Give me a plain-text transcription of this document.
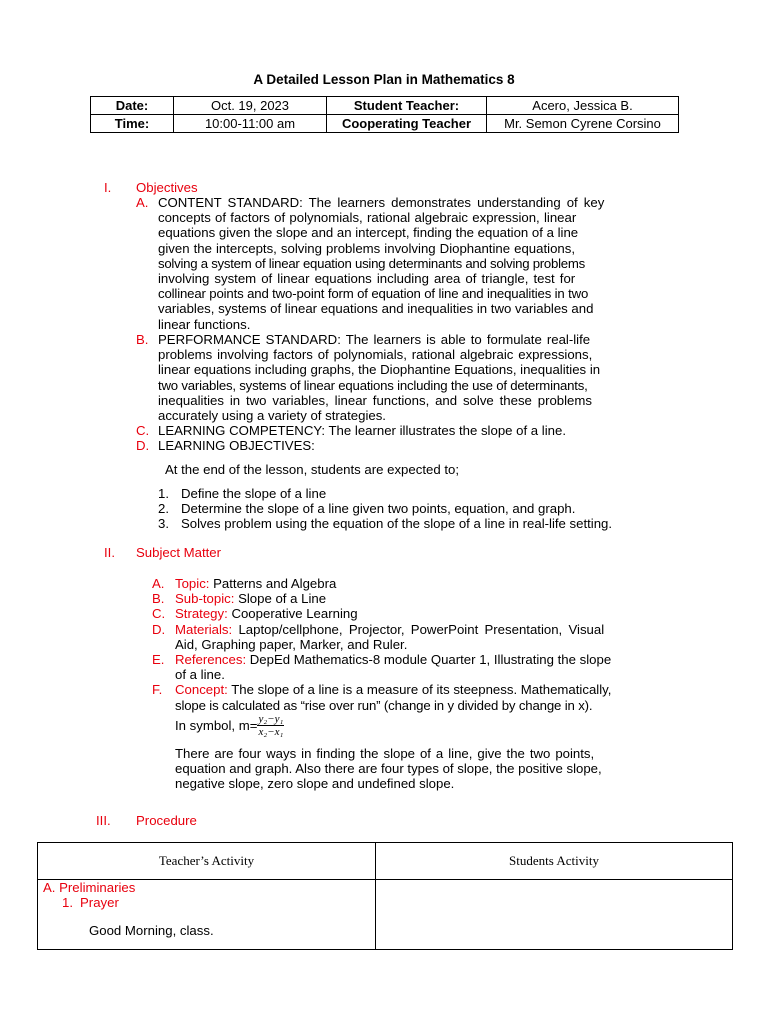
A Detailed Lesson Plan in Mathematics 8
Date:	Oct. 19, 2023	Student Teacher:	Acero, Jessica B.
Time:	10:00-11:00 am	Cooperating Teacher	Mr. Semon Cyrene Corsino
I. Objectives
A. CONTENT STANDARD: The learners demonstrates understanding of key
concepts of factors of polynomials, rational algebraic expression, linear
equations given the slope and an intercept, finding the equation of a line
given the intercepts, solving problems involving Diophantine equations,
solving a system of linear equation using determinants and solving problems
involving system of linear equations including area of triangle, test for
collinear points and two-point form of equation of line and inequalities in two
variables, systems of linear equations and inequalities in two variables and
linear functions.
B. PERFORMANCE STANDARD: The learners is able to formulate real-life
problems involving factors of polynomials, rational algebraic expressions,
linear equations including graphs, the Diophantine Equations, inequalities in
two variables, systems of linear equations including the use of determinants,
inequalities in two variables, linear functions, and solve these problems
accurately using a variety of strategies.
C. LEARNING COMPETENCY: The learner illustrates the slope of a line.
D. LEARNING OBJECTIVES:
At the end of the lesson, students are expected to;
1. Define the slope of a line
2. Determine the slope of a line given two points, equation, and graph.
3. Solves problem using the equation of the slope of a line in real-life setting.
II. Subject Matter
A. Topic: Patterns and Algebra
B. Sub-topic: Slope of a Line
C. Strategy: Cooperative Learning
D. Materials: Laptop/cellphone, Projector, PowerPoint Presentation, Visual
Aid, Graphing paper, Marker, and Ruler.
E. References: DepEd Mathematics-8 module Quarter 1, Illustrating the slope
of a line.
F. Concept: The slope of a line is a measure of its steepness. Mathematically,
slope is calculated as “rise over run” (change in y divided by change in x).
In symbol, $m= \frac{\text{y₂−y₁}}{\text{x₂−x₁}}$
There are four ways in finding the slope of a line, give the two points,
equation and graph. Also there are four types of slope, the positive slope,
negative slope, zero slope and undefined slope.
III. Procedure
Teacher’s Activity	Students Activity

A. Preliminaries
1. Prayer
Good Morning, class.	
